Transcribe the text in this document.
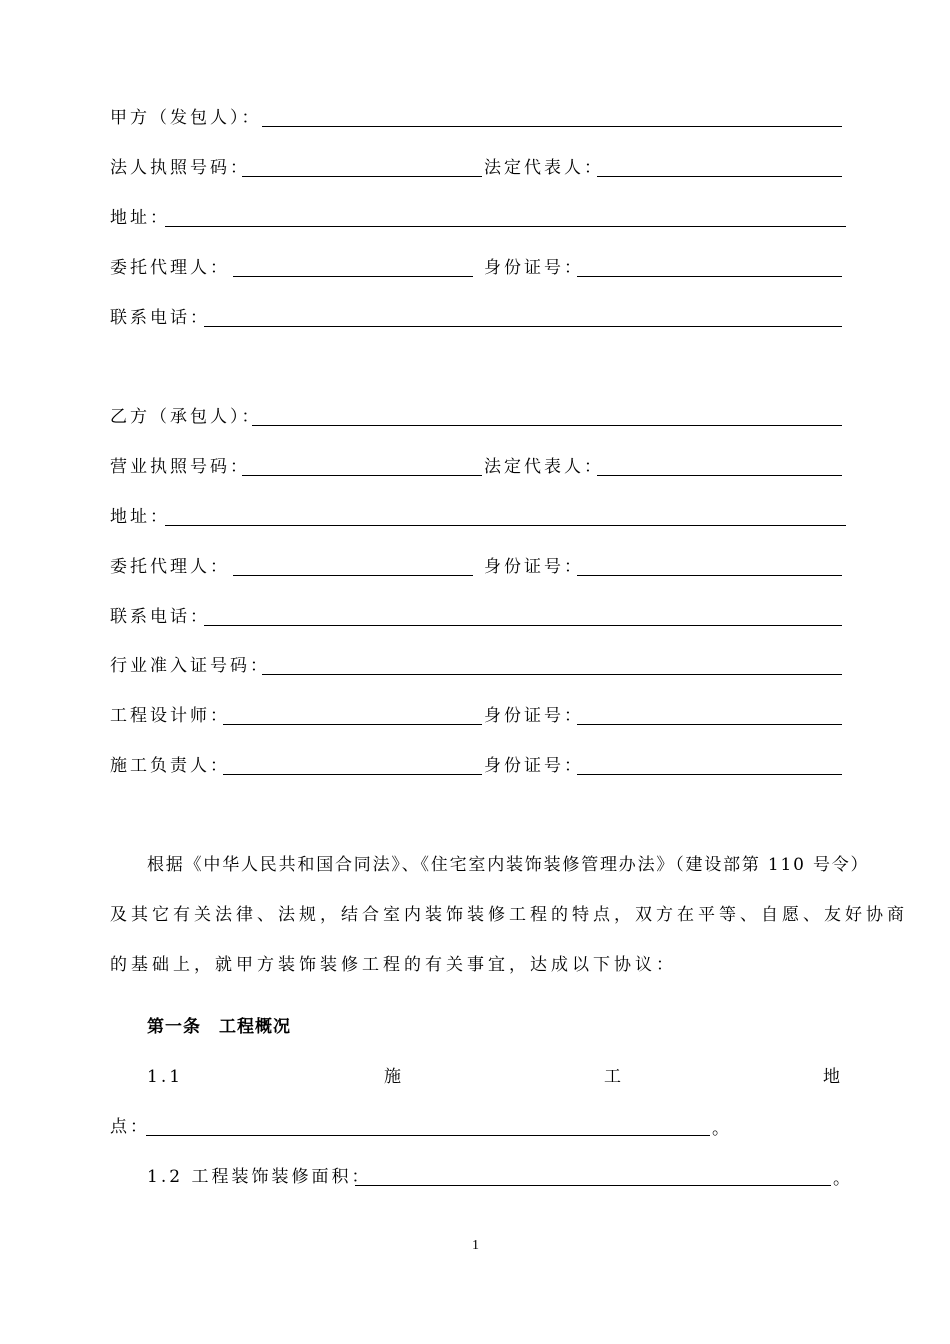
甲方（发包人）：
法人执照号码：	法定代表人：
地址：
委托代理人：	身份证号：
联系电话：
乙方（承包人）：
营业执照号码：	法定代表人：
地址：
委托代理人：	身份证号：
联系电话：
行业准入证号码：
工程设计师：	身份证号：
施工负责人：	身份证号：
根据《中华人民共和国合同法》、《住宅室内装饰装修管理办法》（建设部第 110 号令）
及其它有关法律、法规，结合室内装饰装修工程的特点，双方在平等、自愿、友好协商
的基础上，就甲方装饰装修工程的有关事宜，达成以下协议：
第一条　工程概况
1.1	施	工	地
点：	。
1.2 工程装饰装修面积：	。
1
